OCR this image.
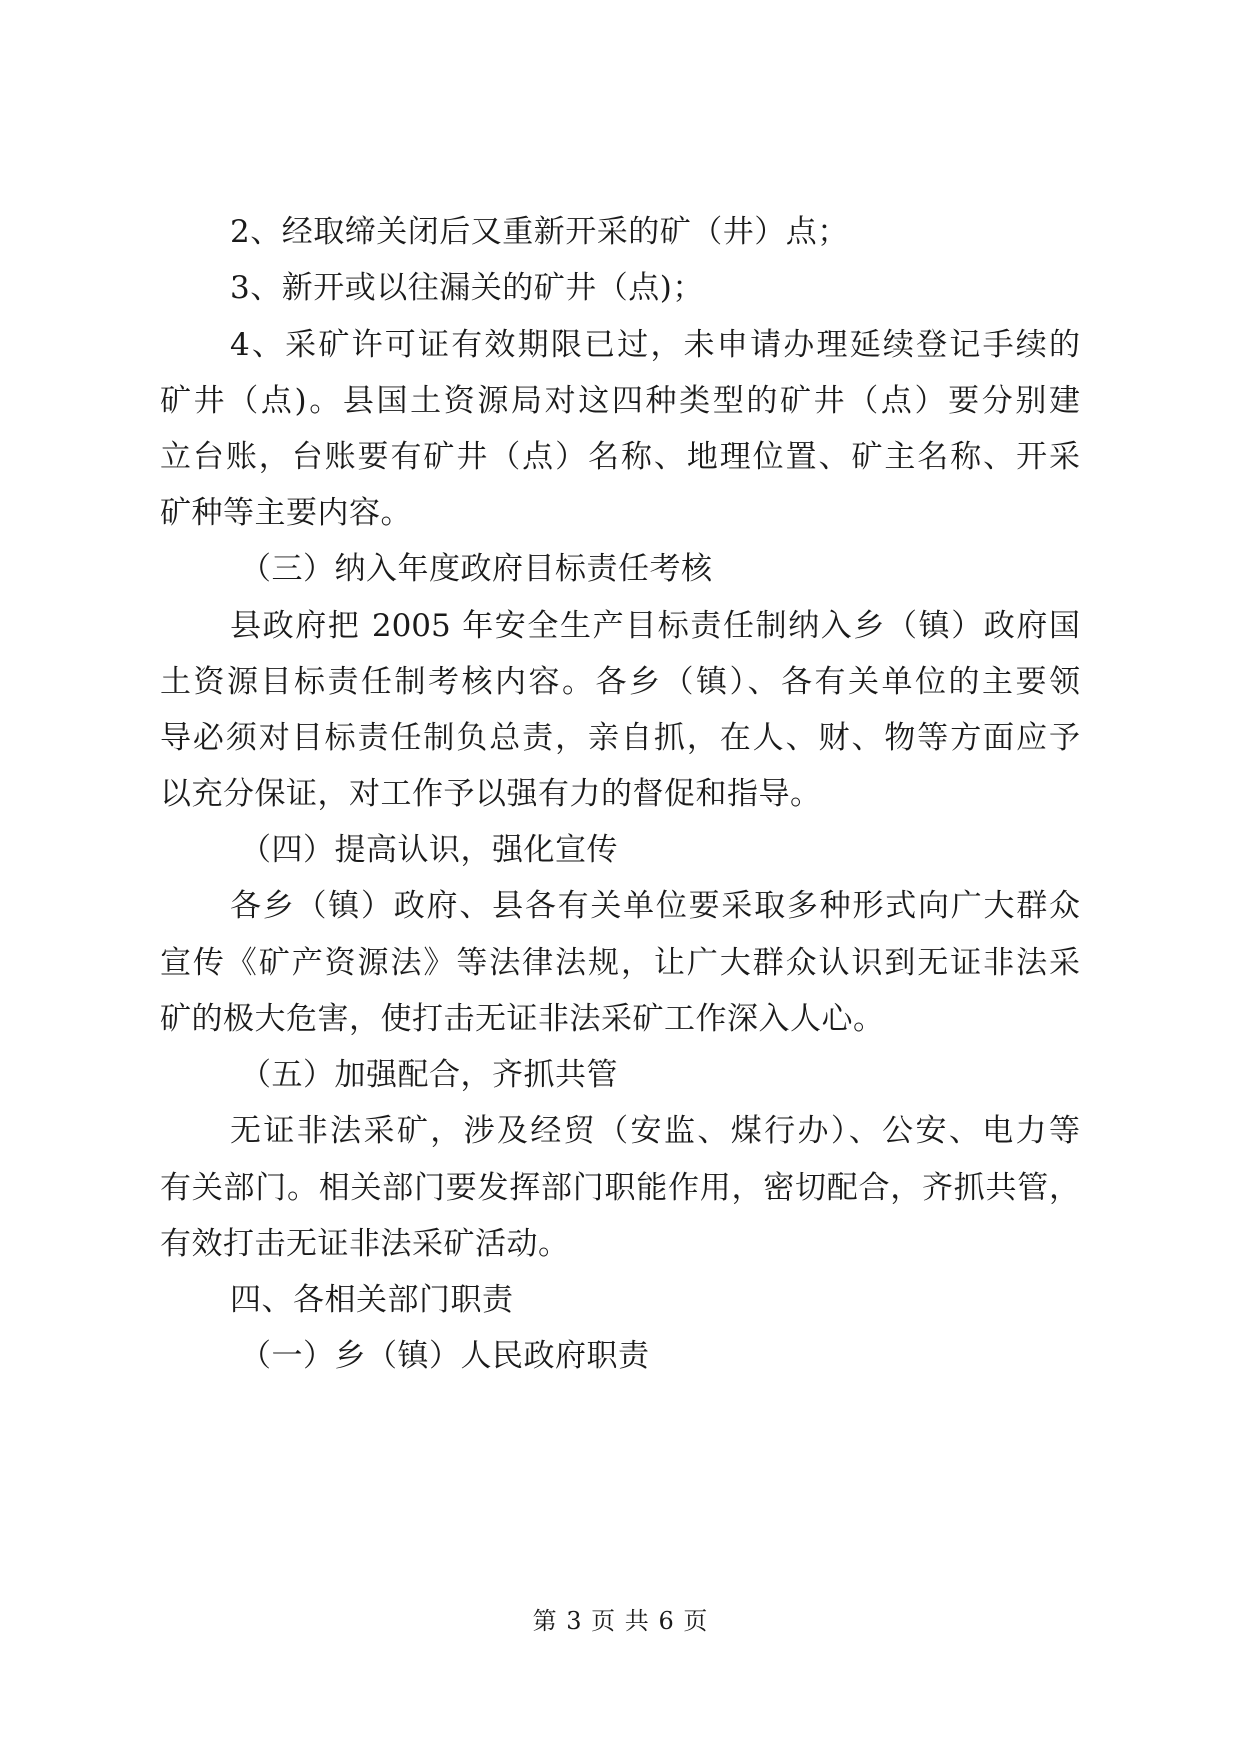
2、经取缔关闭后又重新开采的矿（井）点；
3、新开或以往漏关的矿井（点)；
4、采矿许可证有效期限已过，未申请办理延续登记手续的
矿井（点)。县国土资源局对这四种类型的矿井（点）要分别建
立台账，台账要有矿井（点）名称、地理位置、矿主名称、开采
矿种等主要内容。
（三）纳入年度政府目标责任考核
县政府把 2005 年安全生产目标责任制纳入乡（镇）政府国
土资源目标责任制考核内容。各乡（镇）、各有关单位的主要领
导必须对目标责任制负总责，亲自抓，在人、财、物等方面应予
以充分保证，对工作予以强有力的督促和指导。
（四）提高认识，强化宣传
各乡（镇）政府、县各有关单位要采取多种形式向广大群众
宣传《矿产资源法》等法律法规，让广大群众认识到无证非法采
矿的极大危害，使打击无证非法采矿工作深入人心。
（五）加强配合，齐抓共管
无证非法采矿，涉及经贸（安监、煤行办）、公安、电力等
有关部门。相关部门要发挥部门职能作用，密切配合，齐抓共管，
有效打击无证非法采矿活动。
四、各相关部门职责
（一）乡（镇）人民政府职责
第 3 页 共 6 页
